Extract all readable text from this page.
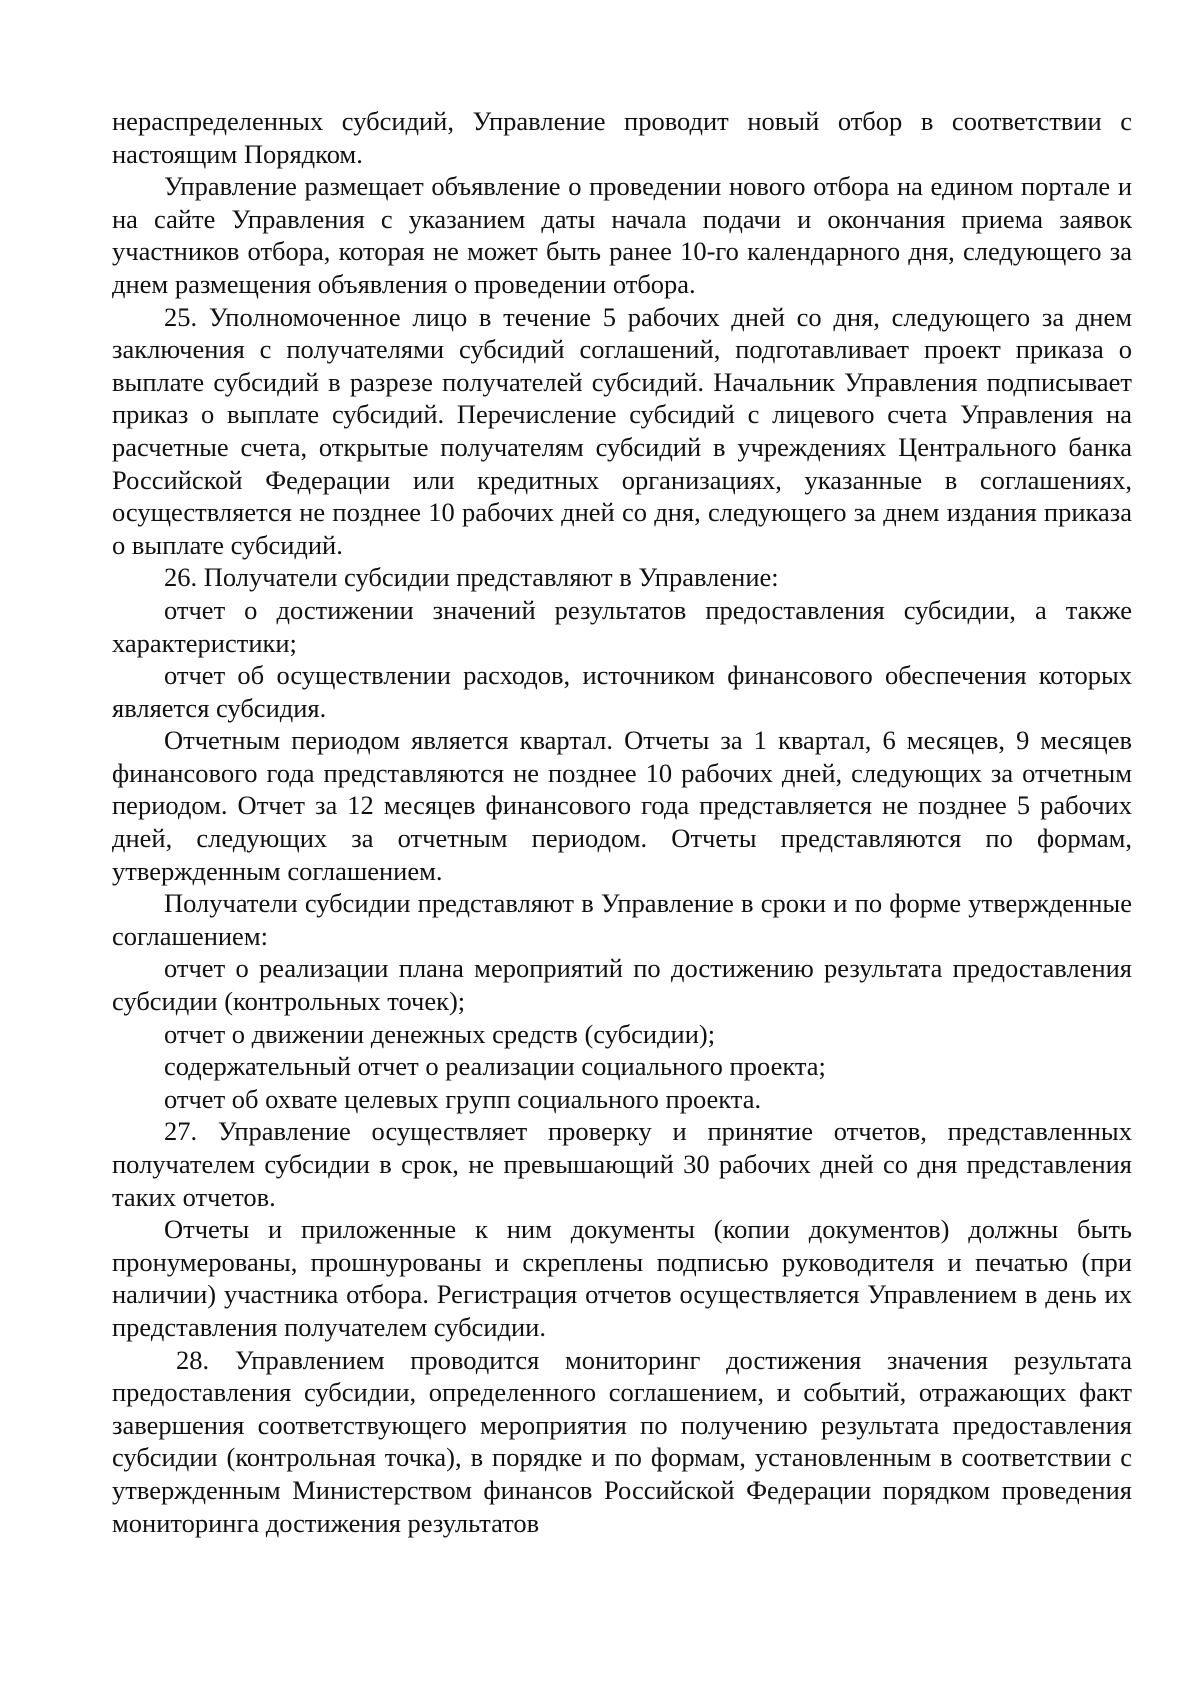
нераспределенных субсидий, Управление проводит новый отбор в соответствии с настоящим Порядком.

Управление размещает объявление о проведении нового отбора на едином портале и на сайте Управления с указанием даты начала подачи и окончания приема заявок участников отбора, которая не может быть ранее 10-го календарного дня, следующего за днем размещения объявления о проведении отбора.

25. Уполномоченное лицо в течение 5 рабочих дней со дня, следующего за днем заключения с получателями субсидий соглашений, подготавливает проект приказа о выплате субсидий в разрезе получателей субсидий. Начальник Управления подписывает приказ о выплате субсидий. Перечисление субсидий с лицевого счета Управления на расчетные счета, открытые получателям субсидий в учреждениях Центрального банка Российской Федерации или кредитных организациях, указанные в соглашениях, осуществляется не позднее 10 рабочих дней со дня, следующего за днем издания приказа о выплате субсидий.

26. Получатели субсидии представляют в Управление:

отчет о достижении значений результатов предоставления субсидии, а также характеристики;

отчет об осуществлении расходов, источником финансового обеспечения которых является субсидия.

Отчетным периодом является квартал. Отчеты за 1 квартал, 6 месяцев, 9 месяцев финансового года представляются не позднее 10 рабочих дней, следующих за отчетным периодом. Отчет за 12 месяцев финансового года представляется не позднее 5 рабочих дней, следующих за отчетным периодом. Отчеты представляются по формам, утвержденным соглашением.

Получатели субсидии представляют в Управление в сроки и по форме утвержденные соглашением:

отчет о реализации плана мероприятий по достижению результата предоставления субсидии (контрольных точек);

отчет о движении денежных средств (субсидии);

содержательный отчет о реализации социального проекта;

отчет об охвате целевых групп социального проекта.

27. Управление осуществляет проверку и принятие отчетов, представленных получателем субсидии в срок, не превышающий 30 рабочих дней со дня представления таких отчетов.

Отчеты и приложенные к ним документы (копии документов) должны быть пронумерованы, прошнурованы и скреплены подписью руководителя и печатью (при наличии) участника отбора. Регистрация отчетов осуществляется Управлением в день их представления получателем субсидии.

28. Управлением проводится мониторинг достижения значения результата предоставления субсидии, определенного соглашением, и событий, отражающих факт завершения соответствующего мероприятия по получению результата предоставления субсидии (контрольная точка), в порядке и по формам, установленным в соответствии с утвержденным Министерством финансов Российской Федерации порядком проведения мониторинга достижения результатов
